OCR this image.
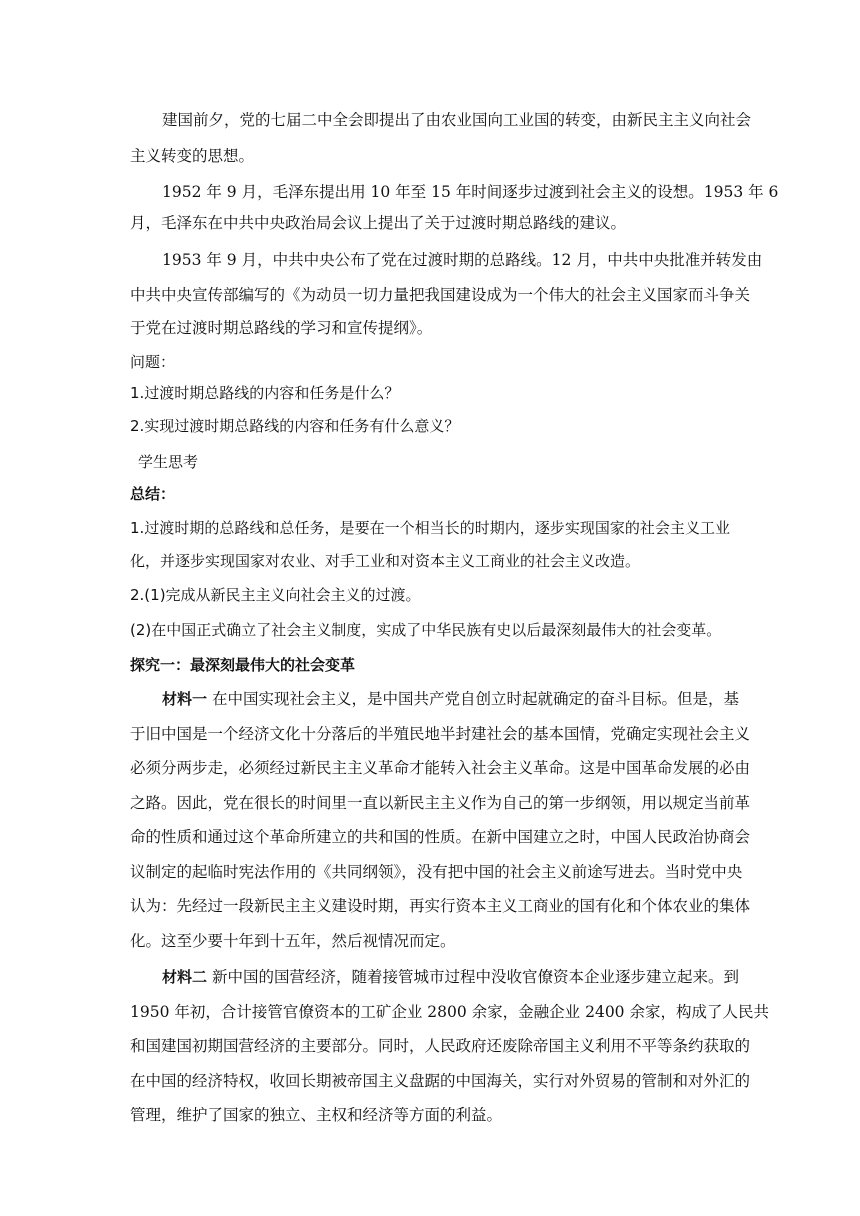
建国前夕，党的七届二中全会即提出了由农业国向工业国的转变，由新民主主义向社会
主义转变的思想。
1952 年 9 月，毛泽东提出用 10 年至 15 年时间逐步过渡到社会主义的设想。1953 年 6
月，毛泽东在中共中央政治局会议上提出了关于过渡时期总路线的建议。
1953 年 9 月，中共中央公布了党在过渡时期的总路线。12 月，中共中央批准并转发由
中共中央宣传部编写的《为动员一切力量把我国建设成为一个伟大的社会主义国家而斗争关
于党在过渡时期总路线的学习和宣传提纲》。
问题：
1.过渡时期总路线的内容和任务是什么？
2.实现过渡时期总路线的内容和任务有什么意义？
学生思考
总结：
1.过渡时期的总路线和总任务，是要在一个相当长的时期内，逐步实现国家的社会主义工业
化，并逐步实现国家对农业、对手工业和对资本主义工商业的社会主义改造。
2.(1)完成从新民主主义向社会主义的过渡。
(2)在中国正式确立了社会主义制度，实成了中华民族有史以后最深刻最伟大的社会变革。
探究一：最深刻最伟大的社会变革
材料一 在中国实现社会主义，是中国共产党自创立时起就确定的奋斗目标。但是，基
于旧中国是一个经济文化十分落后的半殖民地半封建社会的基本国情，党确定实现社会主义
必须分两步走，必须经过新民主主义革命才能转入社会主义革命。这是中国革命发展的必由
之路。因此，党在很长的时间里一直以新民主主义作为自己的第一步纲领，用以规定当前革
命的性质和通过这个革命所建立的共和国的性质。在新中国建立之时，中国人民政治协商会
议制定的起临时宪法作用的《共同纲领》，没有把中国的社会主义前途写进去。当时党中央
认为：先经过一段新民主主义建设时期，再实行资本主义工商业的国有化和个体农业的集体
化。这至少要十年到十五年，然后视情况而定。
材料二 新中国的国营经济，随着接管城市过程中没收官僚资本企业逐步建立起来。到
1950 年初，合计接管官僚资本的工矿企业 2800 余家，金融企业 2400 余家，构成了人民共
和国建国初期国营经济的主要部分。同时，人民政府还废除帝国主义利用不平等条约获取的
在中国的经济特权，收回长期被帝国主义盘踞的中国海关，实行对外贸易的管制和对外汇的
管理，维护了国家的独立、主权和经济等方面的利益。
